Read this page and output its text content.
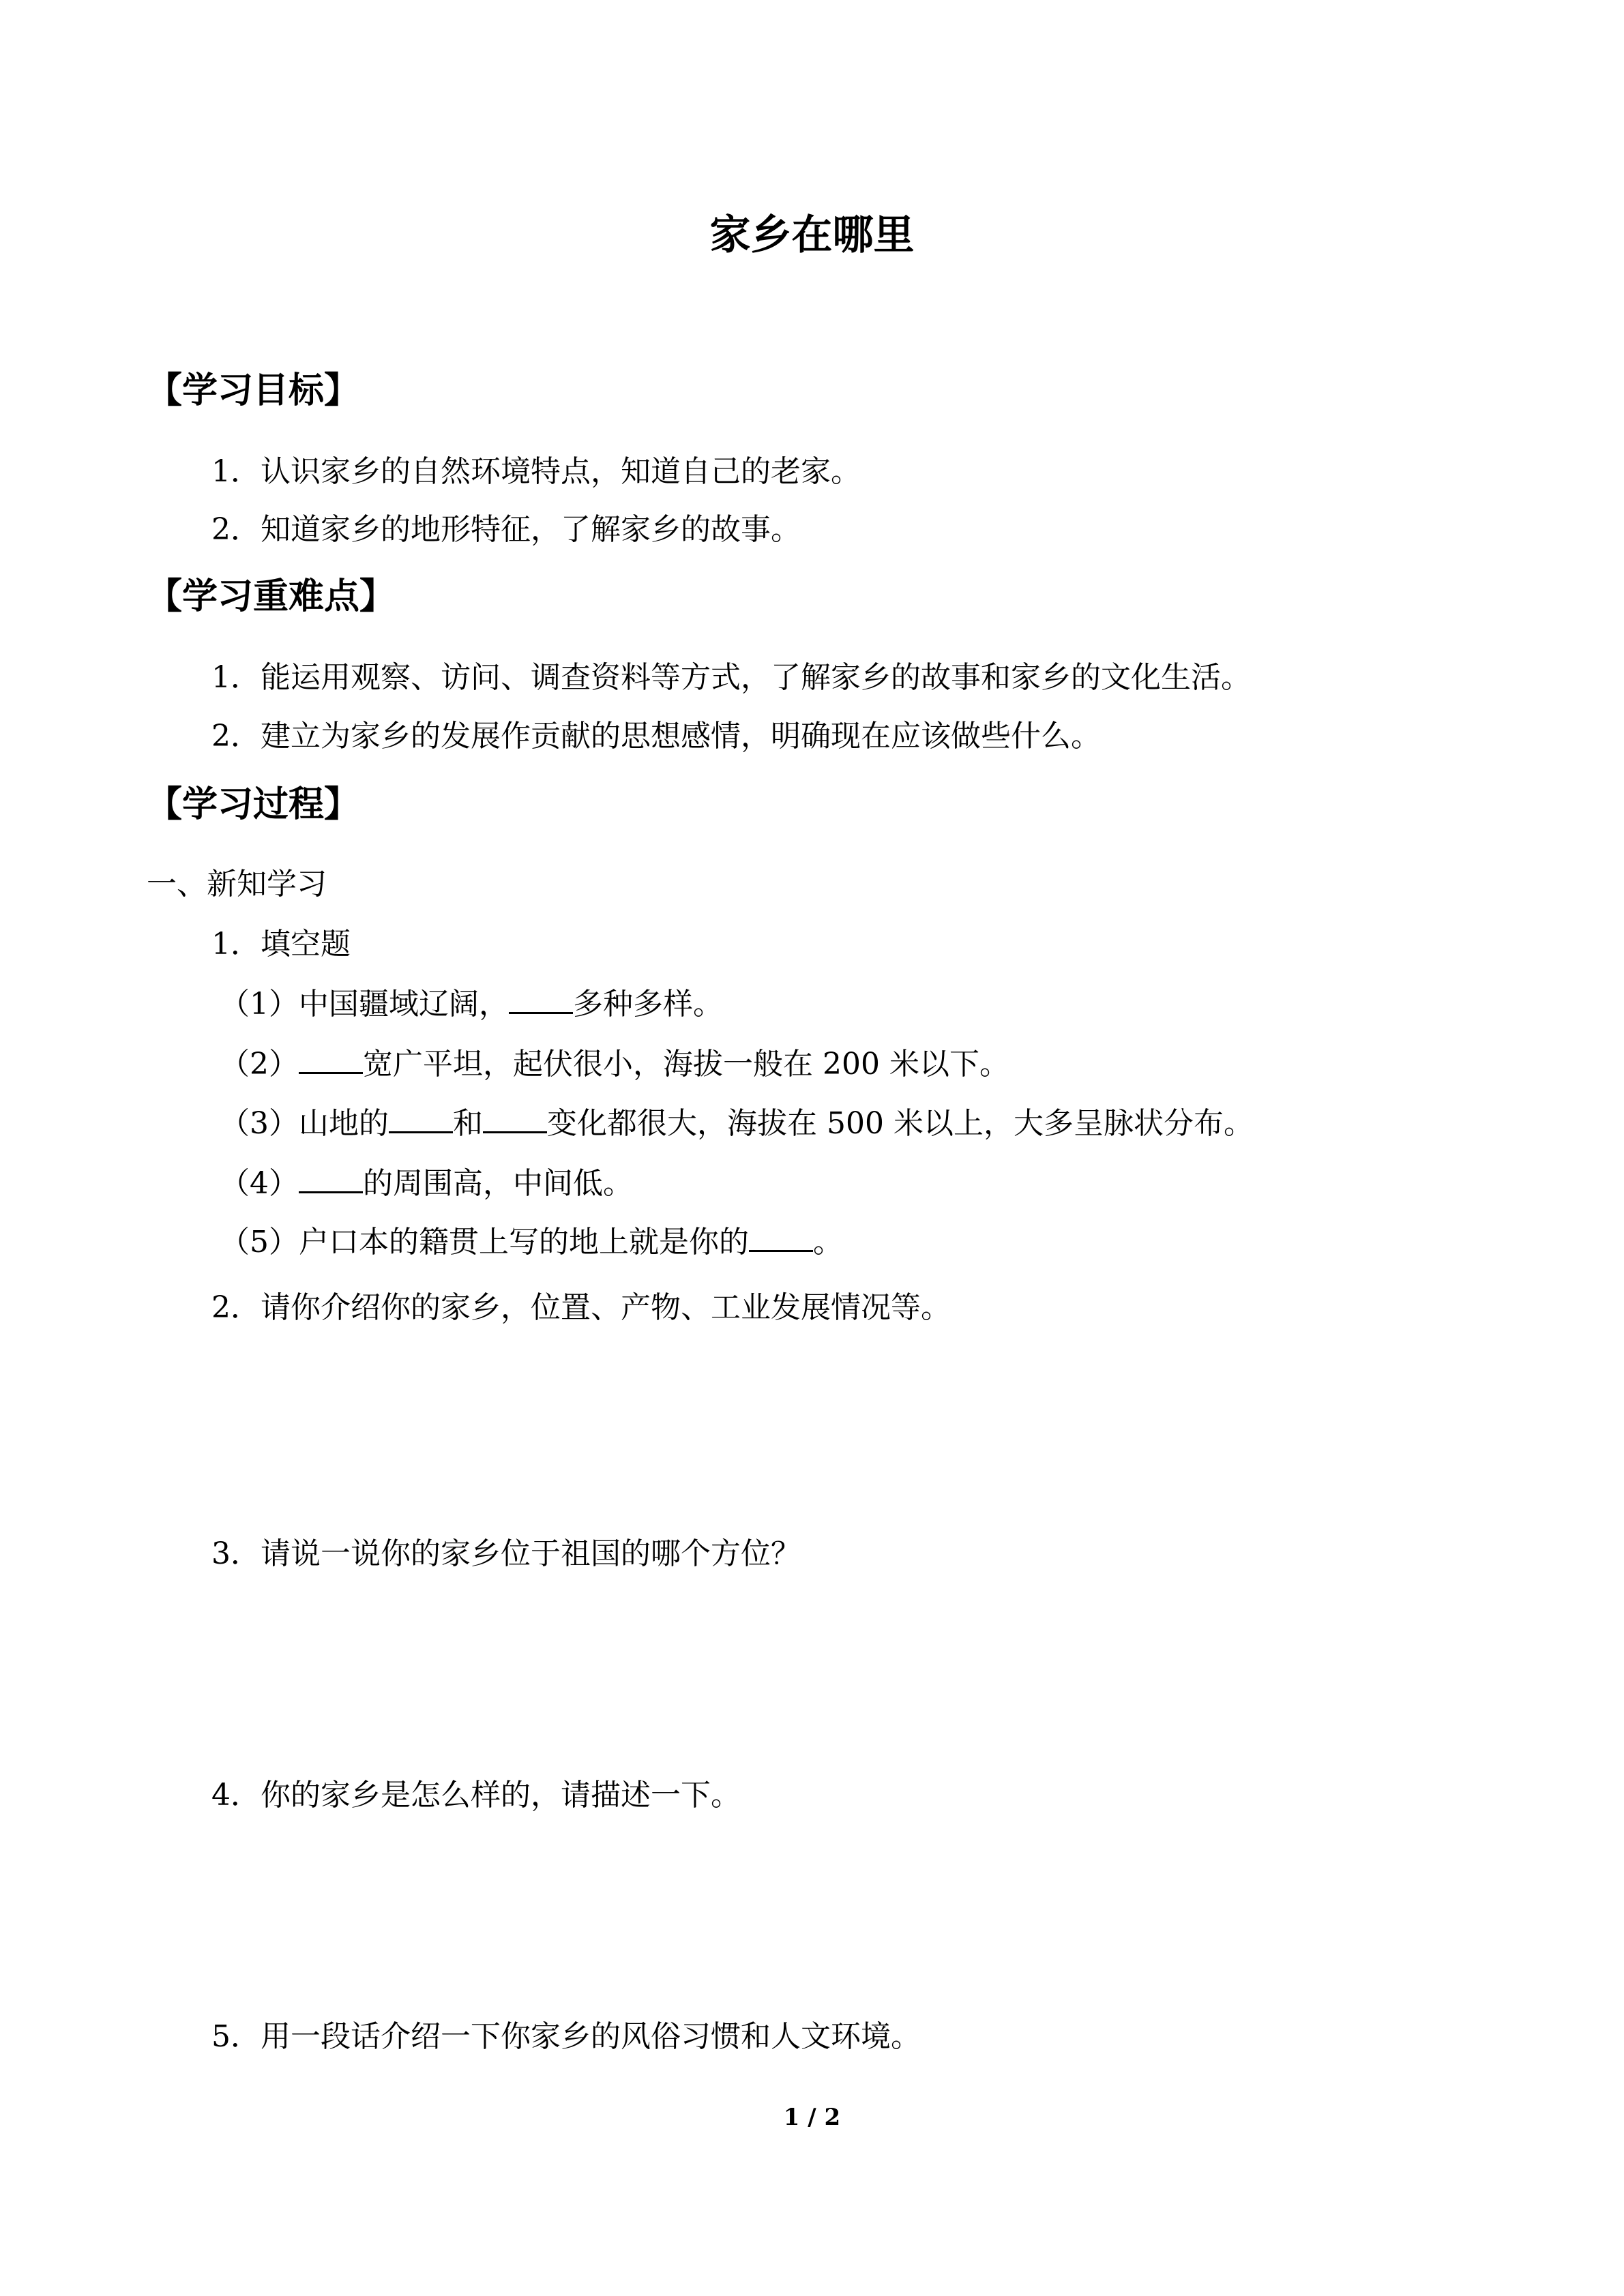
家乡在哪里
【学习目标】
1．认识家乡的自然环境特点，知道自己的老家。
2．知道家乡的地形特征，了解家乡的故事。
【学习重难点】
1．能运用观察、访问、调查资料等方式，了解家乡的故事和家乡的文化生活。
2．建立为家乡的发展作贡献的思想感情，明确现在应该做些什么。
【学习过程】
一、新知学习
1．填空题
（1）中国疆域辽阔， 多种多样。
（2） 宽广平坦，起伏很小，海拔一般在 200 米以下。
（3）山地的 和 变化都很大，海拔在 500 米以上，大多呈脉状分布。
（4） 的周围高，中间低。
（5）户口本的籍贯上写的地上就是你的 。
2．请你介绍你的家乡，位置、产物、工业发展情况等。
3．请说一说你的家乡位于祖国的哪个方位？
4．你的家乡是怎么样的，请描述一下。
5．用一段话介绍一下你家乡的风俗习惯和人文环境。
1 / 2
